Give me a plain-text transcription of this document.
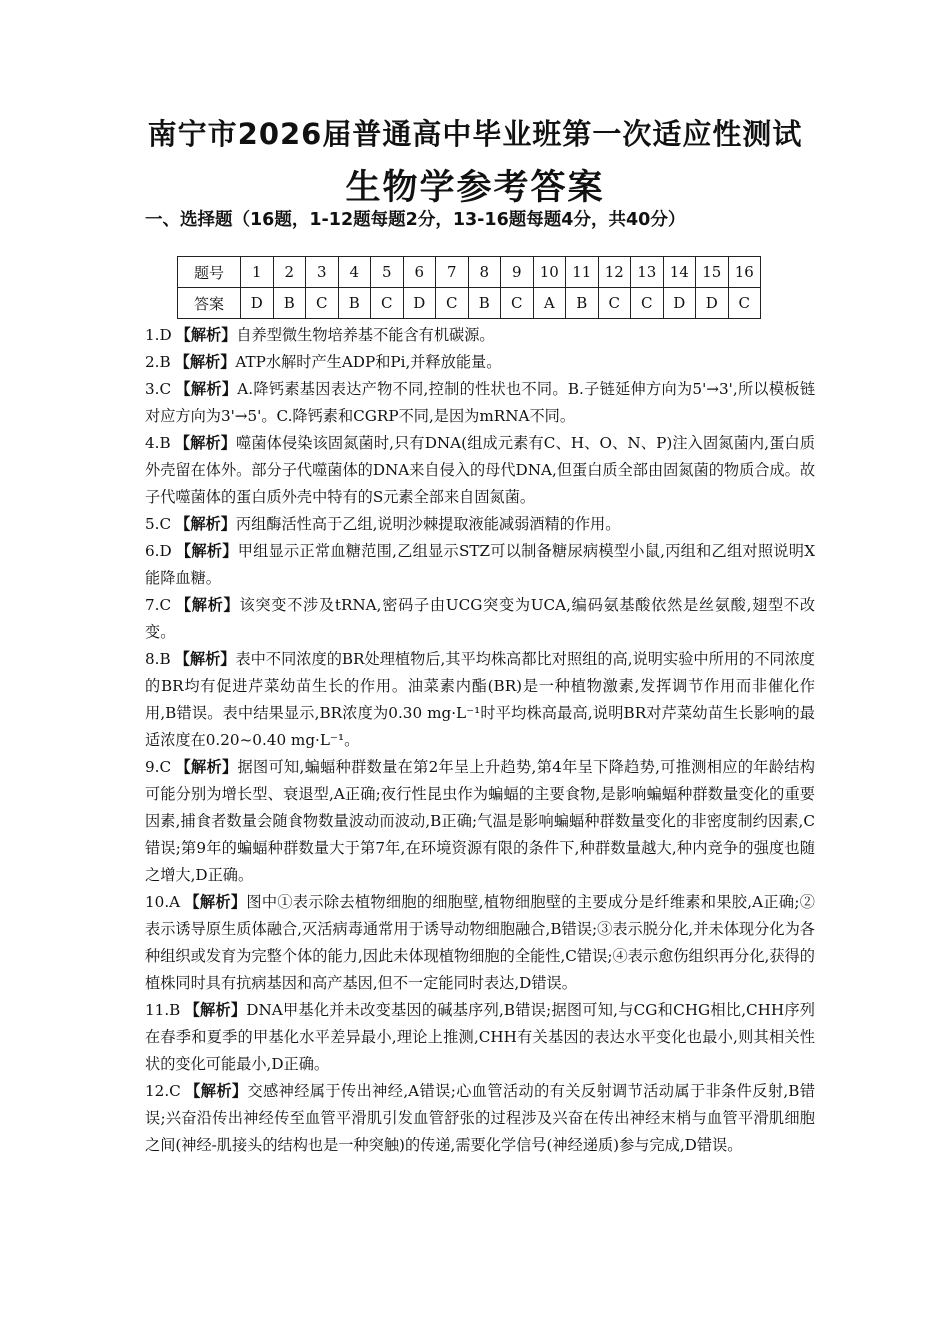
南宁市2026届普通高中毕业班第一次适应性测试
生物学参考答案
一、选择题（16题，1-12题每题2分，13-16题每题4分，共40分）
题号	1	2	3	4	5	6	7	8	9	10	11	12	13	14	15	16
答案	D	B	C	B	C	D	C	B	C	A	B	C	C	D	D	C

1.D 【解析】自养型微生物培养基不能含有机碳源。

2.B 【解析】ATP水解时产生ADP和Pi,并释放能量。

3.C 【解析】A.降钙素基因表达产物不同,控制的性状也不同。B.子链延伸方向为5'→3',所以模板链对应方向为3'→5'。C.降钙素和CGRP不同,是因为mRNA不同。

4.B 【解析】噬菌体侵染该固氮菌时,只有DNA(组成元素有C、H、O、N、P)注入固氮菌内,蛋白质外壳留在体外。部分子代噬菌体的DNA来自侵入的母代DNA,但蛋白质全部由固氮菌的物质合成。故子代噬菌体的蛋白质外壳中特有的S元素全部来自固氮菌。

5.C 【解析】丙组酶活性高于乙组,说明沙棘提取液能减弱酒精的作用。

6.D 【解析】甲组显示正常血糖范围,乙组显示STZ可以制备糖尿病模型小鼠,丙组和乙组对照说明X能降血糖。

7.C 【解析】该突变不涉及tRNA,密码子由UCG突变为UCA,编码氨基酸依然是丝氨酸,翅型不改变。

8.B 【解析】表中不同浓度的BR处理植物后,其平均株高都比对照组的高,说明实验中所用的不同浓度的BR均有促进芹菜幼苗生长的作用。油菜素内酯(BR)是一种植物激素,发挥调节作用而非催化作用,B错误。表中结果显示,BR浓度为0.30 mg·L⁻¹时平均株高最高,说明BR对芹菜幼苗生长影响的最适浓度在0.20~0.40 mg·L⁻¹。

9.C 【解析】据图可知,蝙蝠种群数量在第2年呈上升趋势,第4年呈下降趋势,可推测相应的年龄结构可能分别为增长型、衰退型,A正确;夜行性昆虫作为蝙蝠的主要食物,是影响蝙蝠种群数量变化的重要因素,捕食者数量会随食物数量波动而波动,B正确;气温是影响蝙蝠种群数量变化的非密度制约因素,C错误;第9年的蝙蝠种群数量大于第7年,在环境资源有限的条件下,种群数量越大,种内竞争的强度也随之增大,D正确。

10.A 【解析】图中①表示除去植物细胞的细胞壁,植物细胞壁的主要成分是纤维素和果胶,A正确;②表示诱导原生质体融合,灭活病毒通常用于诱导动物细胞融合,B错误;③表示脱分化,并未体现分化为各种组织或发育为完整个体的能力,因此未体现植物细胞的全能性,C错误;④表示愈伤组织再分化,获得的植株同时具有抗病基因和高产基因,但不一定能同时表达,D错误。

11.B 【解析】DNA甲基化并未改变基因的碱基序列,B错误;据图可知,与CG和CHG相比,CHH序列在春季和夏季的甲基化水平差异最小,理论上推测,CHH有关基因的表达水平变化也最小,则其相关性状的变化可能最小,D正确。

12.C 【解析】交感神经属于传出神经,A错误;心血管活动的有关反射调节活动属于非条件反射,B错误;兴奋沿传出神经传至血管平滑肌引发血管舒张的过程涉及兴奋在传出神经末梢与血管平滑肌细胞之间(神经-肌接头的结构也是一种突触)的传递,需要化学信号(神经递质)参与完成,D错误。
